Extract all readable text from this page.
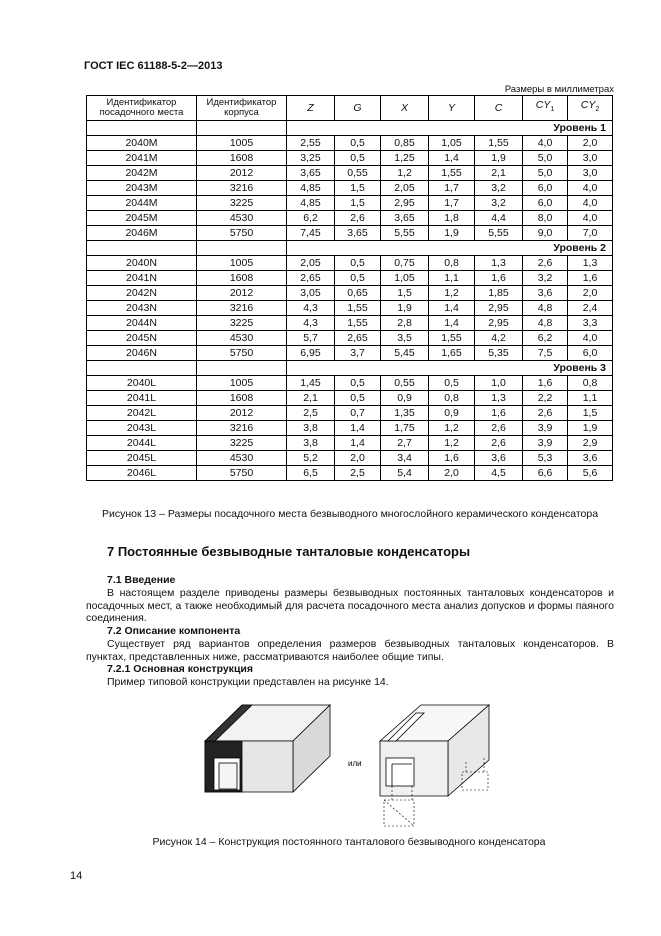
ГОСТ IEC 61188-5-2—2013
Размеры в миллиметрах
Идентификатор посадочного места	Идентификатор корпуса	Z	G	X	Y	C	$CY_1$	$CY_2$
		Уровень 1						
2040M	1005	2,55	0,5	0,85	1,05	1,55	4,0	2,0
2041M	1608	3,25	0,5	1,25	1,4	1,9	5,0	3,0
2042M	2012	3,65	0,55	1,2	1,55	2,1	5,0	3,0
2043M	3216	4,85	1,5	2,05	1,7	3,2	6,0	4,0
2044M	3225	4,85	1,5	2,95	1,7	3,2	6,0	4,0
2045M	4530	6,2	2,6	3,65	1,8	4,4	8,0	4,0
2046M	5750	7,45	3,65	5,55	1,9	5,55	9,0	7,0
		Уровень 2						
2040N	1005	2,05	0,5	0,75	0,8	1,3	2,6	1,3
2041N	1608	2,65	0,5	1,05	1,1	1,6	3,2	1,6
2042N	2012	3,05	0,65	1,5	1,2	1,85	3,6	2,0
2043N	3216	4,3	1,55	1,9	1,4	2,95	4,8	2,4
2044N	3225	4,3	1,55	2,8	1,4	2,95	4,8	3,3
2045N	4530	5,7	2,65	3,5	1,55	4,2	6,2	4,0
2046N	5750	6,95	3,7	5,45	1,65	5,35	7,5	6,0
		Уровень 3						
2040L	1005	1,45	0,5	0,55	0,5	1,0	1,6	0,8
2041L	1608	2,1	0,5	0,9	0,8	1,3	2,2	1,1
2042L	2012	2,5	0,7	1,35	0,9	1,6	2,6	1,5
2043L	3216	3,8	1,4	1,75	1,2	2,6	3,9	1,9
2044L	3225	3,8	1,4	2,7	1,2	2,6	3,9	2,9
2045L	4530	5,2	2,0	3,4	1,6	3,6	5,3	3,6
2046L	5750	6,5	2,5	5,4	2,0	4,5	6,6	5,6
Рисунок 13 – Размеры посадочного места безвыводного многослойного керамического конденсатора
7 Постоянные безвыводные танталовые конденсаторы
7.1 Введение
В настоящем разделе приводены размеры безвыводных постоянных танталовых конденсаторов и посадочных мест, а также необходимый для расчета посадочного места анализ допусков и формы паяного соединения.
7.2 Описание компонента
Существует ряд вариантов определения размеров безвыводных танталовых конденсаторов. В пунктах, представленных ниже, рассматриваются наиболее общие типы.
7.2.1 Основная конструкция
Пример типовой конструкции представлен на рисунке 14.
или
Рисунок 14 – Конструкция постоянного танталового безвыводного конденсатора
14
